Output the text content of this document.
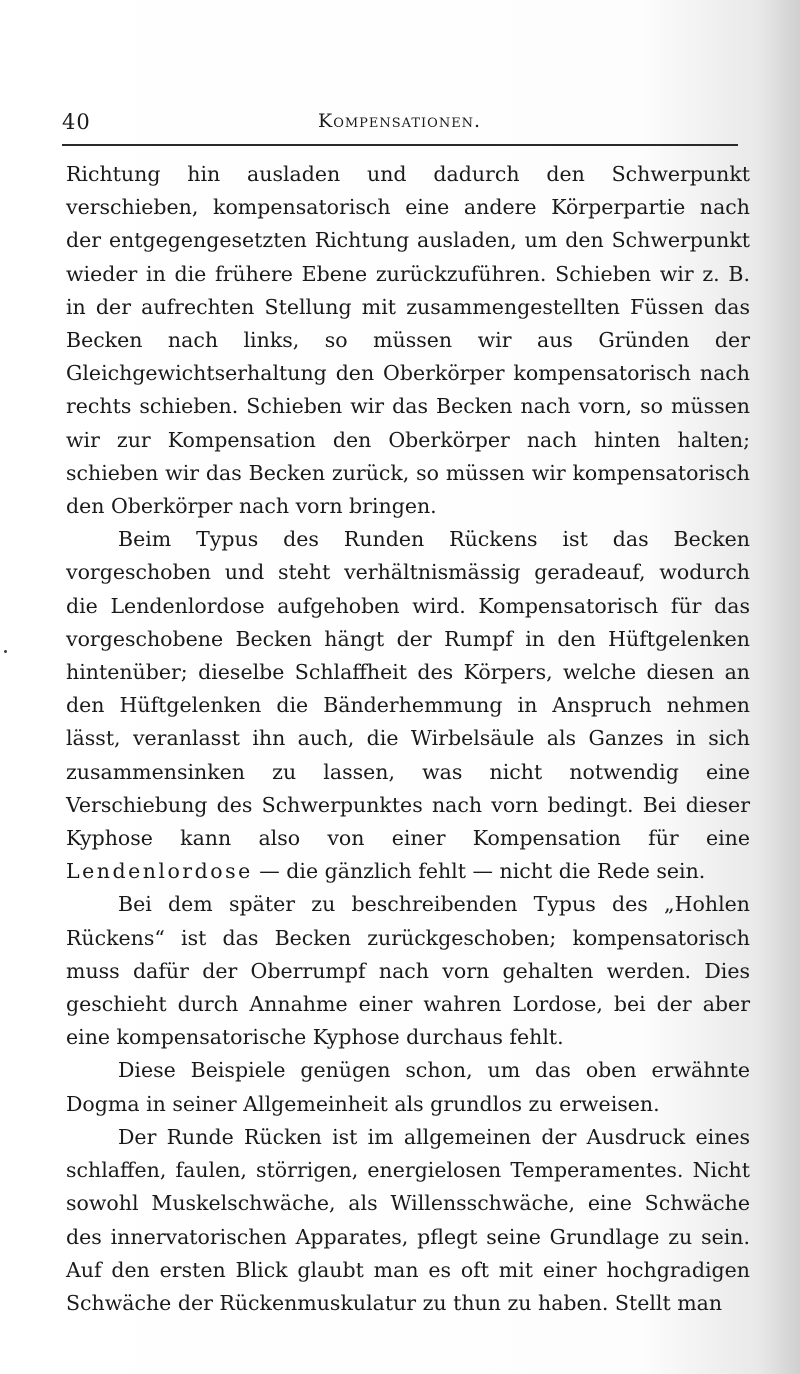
40	Kompensationen.

Richtung hin ausladen und dadurch den Schwerpunkt verschieben, kompensatorisch eine andere Körperpartie nach der entgegengesetzten Richtung ausladen, um den Schwerpunkt wieder in die frühere Ebene zurückzuführen. Schieben wir z. B. in der aufrechten Stellung mit zusammengestellten Füssen das Becken nach links, so müssen wir aus Gründen der Gleichgewichtserhaltung den Oberkörper kompensatorisch nach rechts schieben. Schieben wir das Becken nach vorn, so müssen wir zur Kompensation den Oberkörper nach hinten halten; schieben wir das Becken zurück, so müssen wir kompensatorisch den Oberkörper nach vorn bringen.

Beim Typus des Runden Rückens ist das Becken vorgeschoben und steht verhältnismässig geradeauf, wodurch die Lendenlordose aufgehoben wird. Kompensatorisch für das vorgeschobene Becken hängt der Rumpf in den Hüftgelenken hintenüber; dieselbe Schlaffheit des Körpers, welche diesen an den Hüftgelenken die Bänderhemmung in Anspruch nehmen lässt, veranlasst ihn auch, die Wirbelsäule als Ganzes in sich zusammensinken zu lassen, was nicht notwendig eine Verschiebung des Schwerpunktes nach vorn bedingt. Bei dieser Kyphose kann also von einer Kompensation für eine Lendenlordose — die gänzlich fehlt — nicht die Rede sein.

Bei dem später zu beschreibenden Typus des „Hohlen Rückens“ ist das Becken zurückgeschoben; kompensatorisch muss dafür der Oberrumpf nach vorn gehalten werden. Dies geschieht durch Annahme einer wahren Lordose, bei der aber eine kompensatorische Kyphose durchaus fehlt.

Diese Beispiele genügen schon, um das oben erwähnte Dogma in seiner Allgemeinheit als grundlos zu erweisen.

Der Runde Rücken ist im allgemeinen der Ausdruck eines schlaffen, faulen, störrigen, energielosen Temperamentes. Nicht sowohl Muskelschwäche, als Willensschwäche, eine Schwäche des innervatorischen Apparates, pflegt seine Grundlage zu sein. Auf den ersten Blick glaubt man es oft mit einer hochgradigen Schwäche der Rückenmuskulatur zu thun zu haben. Stellt man
